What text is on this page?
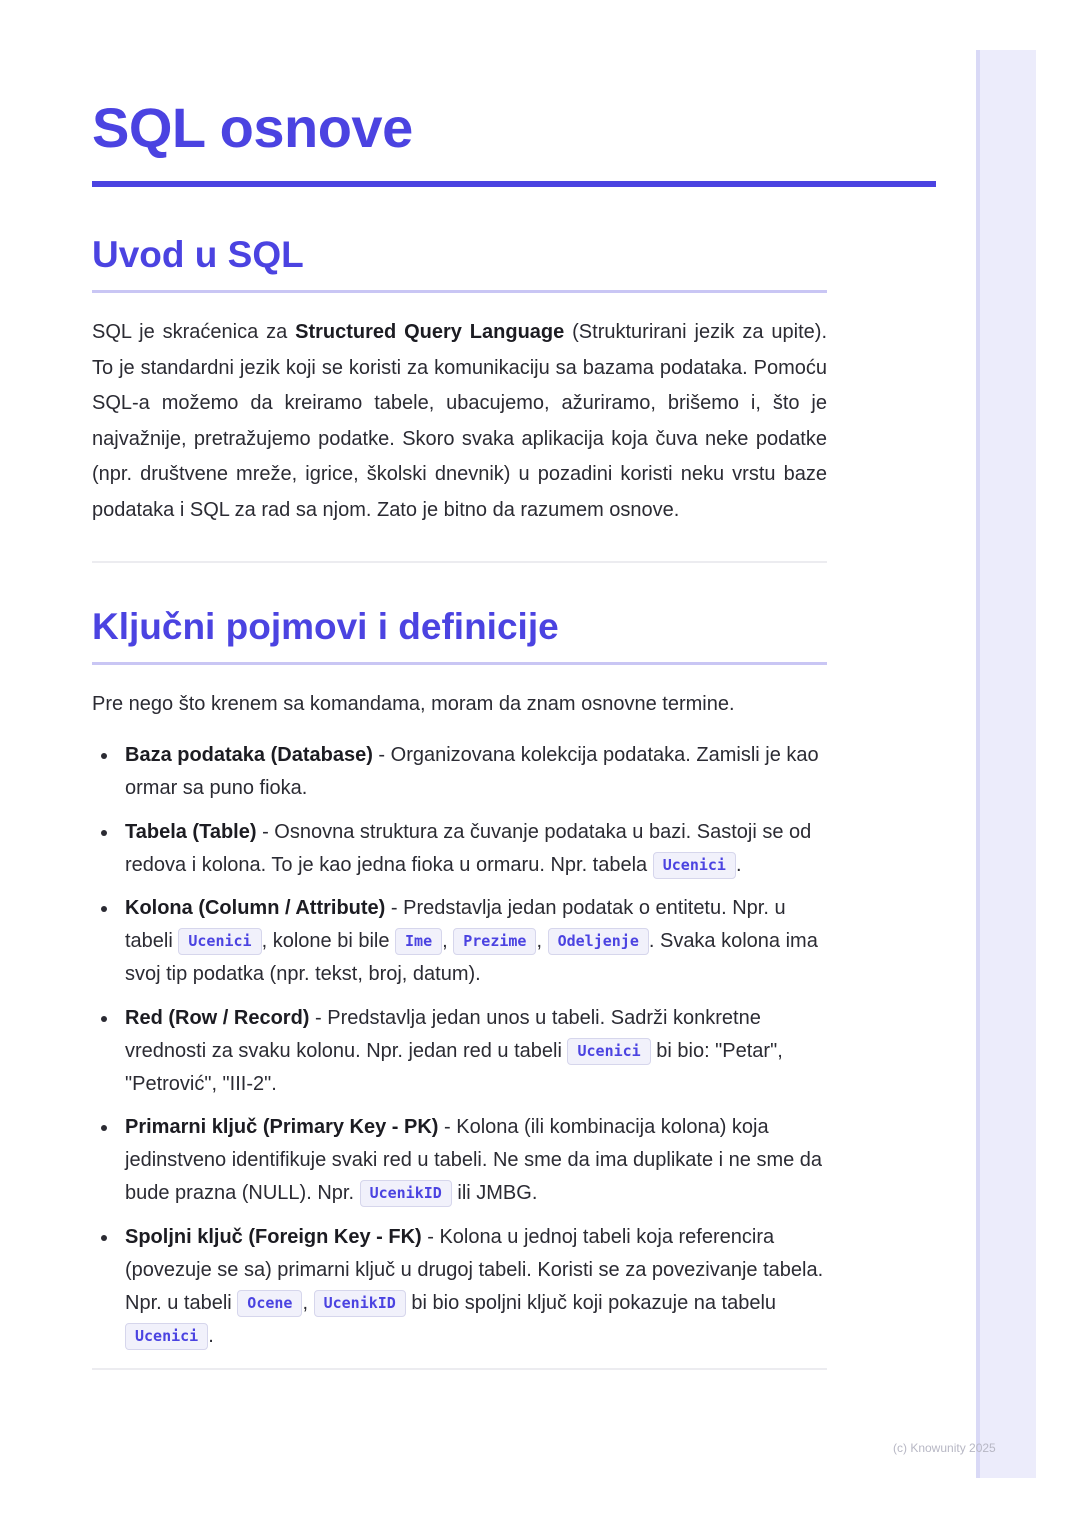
(c) Knowunity 2025
SQL osnove
Uvod u SQL

SQL je skraćenica za Structured Query Language (Strukturirani jezik za upite). To je standardni jezik koji se koristi za komunikaciju sa bazama podataka. Pomoću SQL-a možemo da kreiramo tabele, ubacujemo, ažuriramo, brišemo i, što je najvažnije, pretražujemo podatke. Skoro svaka aplikacija koja čuva neke podatke (npr. društvene mreže, igrice, školski dnevnik) u pozadini koristi neku vrstu baze podataka i SQL za rad sa njom. Zato je bitno da razumem osnove.

Ključni pojmovi i definicije

Pre nego što krenem sa komandama, moram da znam osnovne termine.

Baza podataka (Database) - Organizovana kolekcija podataka. Zamisli je kao ormar sa puno fioka.
Tabela (Table) - Osnovna struktura za čuvanje podataka u bazi. Sastoji se od redova i kolona. To je kao jedna fioka u ormaru. Npr. tabela Ucenici .
Kolona (Column / Attribute) - Predstavlja jedan podatak o entitetu. Npr. u tabeli Ucenici , kolone bi bile Ime , Prezime , Odeljenje . Svaka kolona ima svoj tip podatka (npr. tekst, broj, datum).
Red (Row / Record) - Predstavlja jedan unos u tabeli. Sadrži konkretne vrednosti za svaku kolonu. Npr. jedan red u tabeli Ucenici bi bio: "Petar", "Petrović", "III-2".
Primarni ključ (Primary Key - PK) - Kolona (ili kombinacija kolona) koja jedinstveno identifikuje svaki red u tabeli. Ne sme da ima duplikate i ne sme da bude prazna (NULL). Npr. UcenikID ili JMBG.
Spoljni ključ (Foreign Key - FK) - Kolona u jednoj tabeli koja referencira (povezuje se sa) primarni ključ u drugoj tabeli. Koristi se za povezivanje tabela. Npr. u tabeli Ocene , UcenikID bi bio spoljni ključ koji pokazuje na tabelu Ucenici .
